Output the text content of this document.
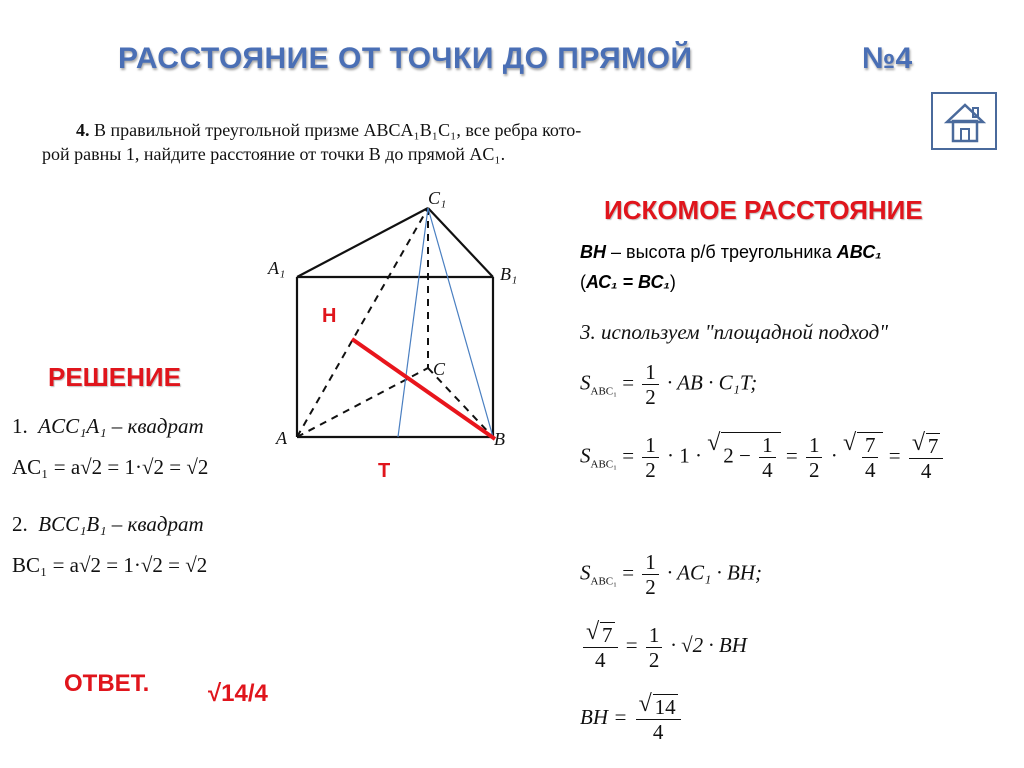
РАССТОЯНИЕ ОТ ТОЧКИ ДО ПРЯМОЙ	№4
4. В правильной треугольной призме ABCA₁B₁C₁, все ребра кото-
рой равны 1, найдите расстояние от точки B до прямой AC₁.
C₁
A₁	B₁
C
A	B
Н
Т
РЕШЕНИЕ
1. ACC₁A₁ – квадрат
AC₁ = a√2 = 1·√2 = √2
2. BCC₁B₁ – квадрат
BC₁ = a√2 = 1·√2 = √2
ИСКОМОЕ РАССТОЯНИЕ
ВН – высота р/б треугольника АВС₁
(АС₁ = ВС₁)
3. используем "площадной подход"
$S_{ABC_1} = \frac{1}{2}$ · AB · C₁T;
$S_{ABC_1} = \frac{1}{2} \cdot 1$ · √ $2 - \frac{1}{4} = \frac{1}{2}$ · √ $\frac{7}{4}$ = √ $\frac{7}{4}$
$S_{ABC_1} = \frac{1}{2} \cdot AC_1$ · BH;
√ $\frac{7}{4} = \frac{1}{2} \cdot √2$ · BH
BH = √ $\frac{14}{4}$
ОТВЕТ. √14/4
